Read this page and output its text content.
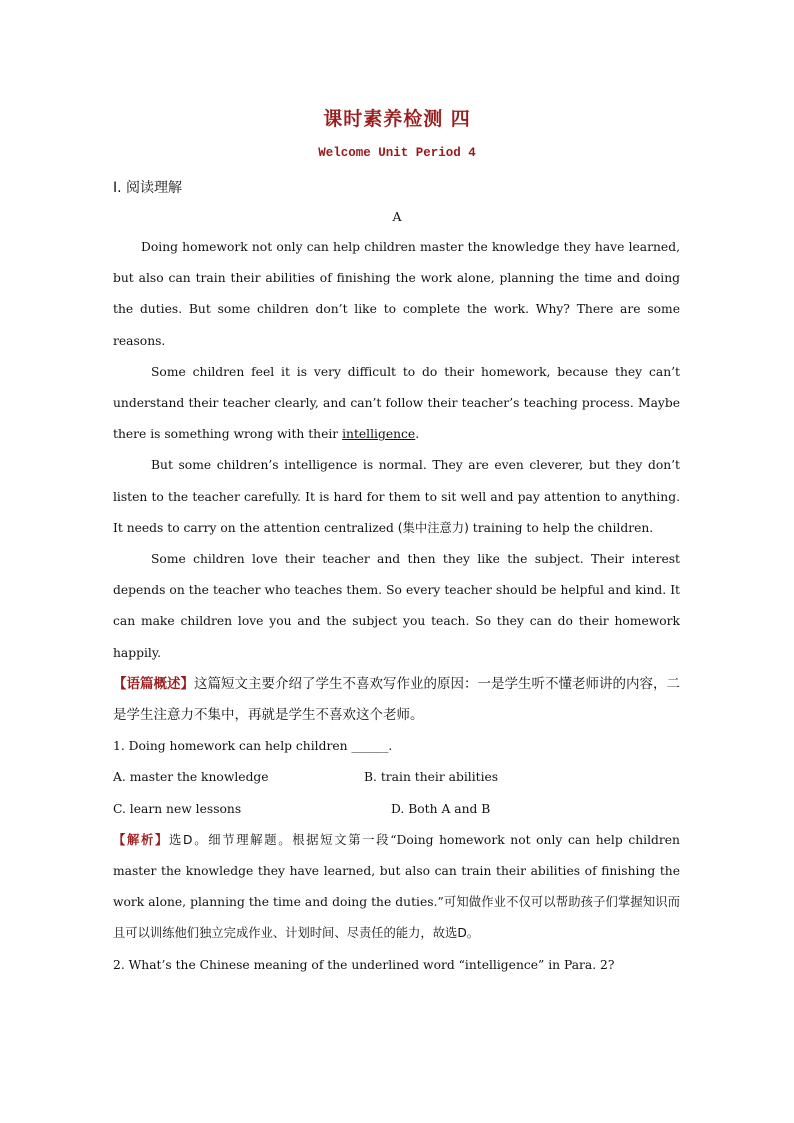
课时素养检测 四
Welcome Unit Period 4
Ⅰ. 阅读理解
A

Doing homework not only can help children master the knowledge they have learned, but also can train their abilities of finishing the work alone, planning the time and doing the duties. But some children don’t like to complete the work. Why? There are some reasons.

Some children feel it is very difficult to do their homework, because they can’t understand their teacher clearly, and can’t follow their teacher’s teaching process. Maybe there is something wrong with their intelligence.

But some children’s intelligence is normal. They are even cleverer, but they don’t listen to the teacher carefully. It is hard for them to sit well and pay attention to anything. It needs to carry on the attention centralized (集中注意力) training to help the children.

Some children love their teacher and then they like the subject. Their interest depends on the teacher who teaches them. So every teacher should be helpful and kind. It can make children love you and the subject you teach. So they can do their homework happily.

【语篇概述】这篇短文主要介绍了学生不喜欢写作业的原因：一是学生听不懂老师讲的内容，二是学生注意力不集中，再就是学生不喜欢这个老师。

1. Doing homework can help children ______.

A. master the knowledge	B. train their abilities
C. learn new lessons	D. Both A and B

【解析】选D。细节理解题。根据短文第一段“Doing homework not only can help children master the knowledge they have learned, but also can train their abilities of finishing the work alone, planning the time and doing the duties.”可知做作业不仅可以帮助孩子们掌握知识而且可以训练他们独立完成作业、计划时间、尽责任的能力，故选D。

2. What’s the Chinese meaning of the underlined word “intelligence” in Para. 2?
